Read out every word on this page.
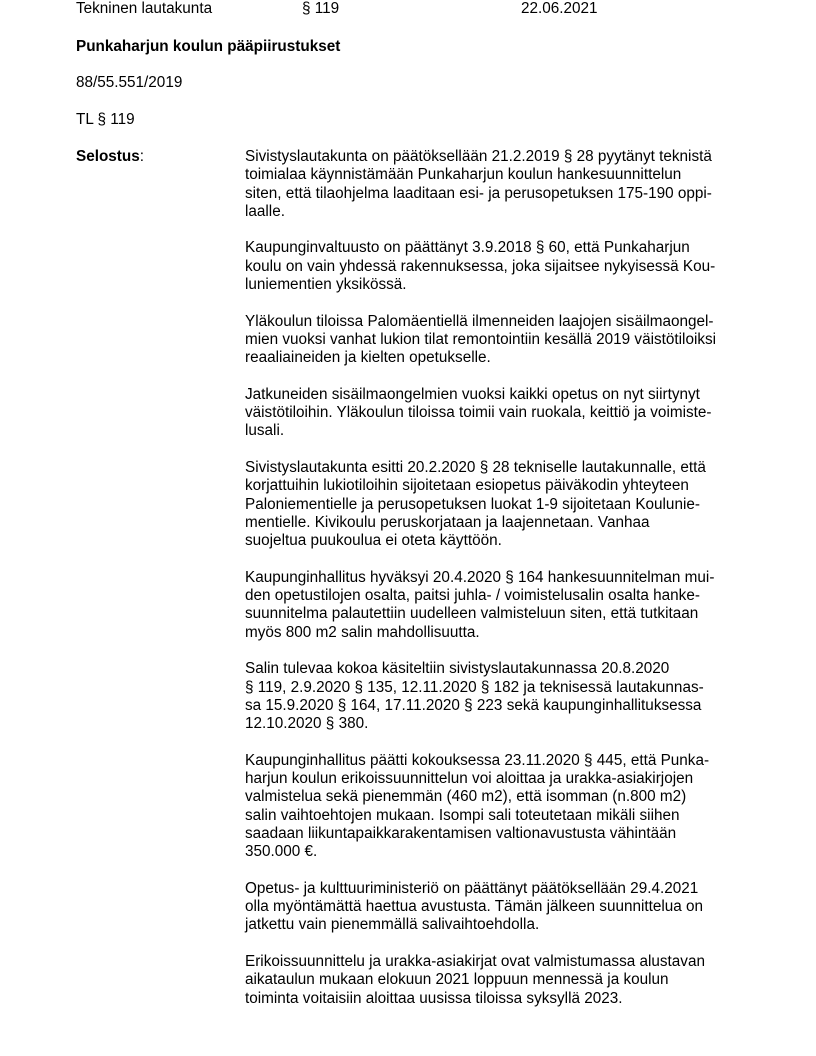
Tekninen lautakunta	§ 119	22.06.2021
Punkaharjun koulun pääpiirustukset
88/55.551/2019
TL § 119
Selostus:	Sivistyslautakunta on päätöksellään 21.2.2019 § 28 pyytänyt teknistä
toimialaa käynnistämään Punkaharjun koulun hankesuunnittelun
siten, että tilaohjelma laaditaan esi- ja perusopetuksen 175-190 oppi-
laalle.

Kaupunginvaltuusto on päättänyt 3.9.2018 § 60, että Punkaharjun
koulu on vain yhdessä rakennuksessa, joka sijaitsee nykyisessä Kou-
luniementien yksikössä.

Yläkoulun tiloissa Palomäentiellä ilmenneiden laajojen sisäilmaongel-
mien vuoksi vanhat lukion tilat remontointiin kesällä 2019 väistötiloiksi
reaaliaineiden ja kielten opetukselle.

Jatkuneiden sisäilmaongelmien vuoksi kaikki opetus on nyt siirtynyt
väistötiloihin. Yläkoulun tiloissa toimii vain ruokala, keittiö ja voimiste-
lusali.

Sivistyslautakunta esitti 20.2.2020 § 28 tekniselle lautakunnalle, että
korjattuihin lukiotiloihin sijoitetaan esiopetus päiväkodin yhteyteen
Paloniementielle ja perusopetuksen luokat 1-9 sijoitetaan Koulunie-
mentielle. Kivikoulu peruskorjataan ja laajennetaan. Vanhaa
suojeltua puukoulua ei oteta käyttöön.

Kaupunginhallitus hyväksyi 20.4.2020 § 164 hankesuunnitelman mui-
den opetustilojen osalta, paitsi juhla- / voimistelusalin osalta hanke-
suunnitelma palautettiin uudelleen valmisteluun siten, että tutkitaan
myös 800 m2 salin mahdollisuutta.

Salin tulevaa kokoa käsiteltiin sivistyslautakunnassa 20.8.2020
§ 119, 2.9.2020 § 135, 12.11.2020 § 182 ja teknisessä lautakunnas-
sa 15.9.2020 § 164, 17.11.2020 § 223 sekä kaupunginhallituksessa
12.10.2020 § 380.

Kaupunginhallitus päätti kokouksessa 23.11.2020 § 445, että Punka-
harjun koulun erikoissuunnittelun voi aloittaa ja urakka-asiakirjojen
valmistelua sekä pienemmän (460 m2), että isomman (n.800 m2)
salin vaihtoehtojen mukaan. Isompi sali toteutetaan mikäli siihen
saadaan liikuntapaikkarakentamisen valtionavustusta vähintään
350.000 €.

Opetus- ja kulttuuriministeriö on päättänyt päätöksellään 29.4.2021
olla myöntämättä haettua avustusta. Tämän jälkeen suunnittelua on
jatkettu vain pienemmällä salivaihtoehdolla.

Erikoissuunnittelu ja urakka-asiakirjat ovat valmistumassa alustavan
aikataulun mukaan elokuun 2021 loppuun mennessä ja koulun
toiminta voitaisiin aloittaa uusissa tiloissa syksyllä 2023.
